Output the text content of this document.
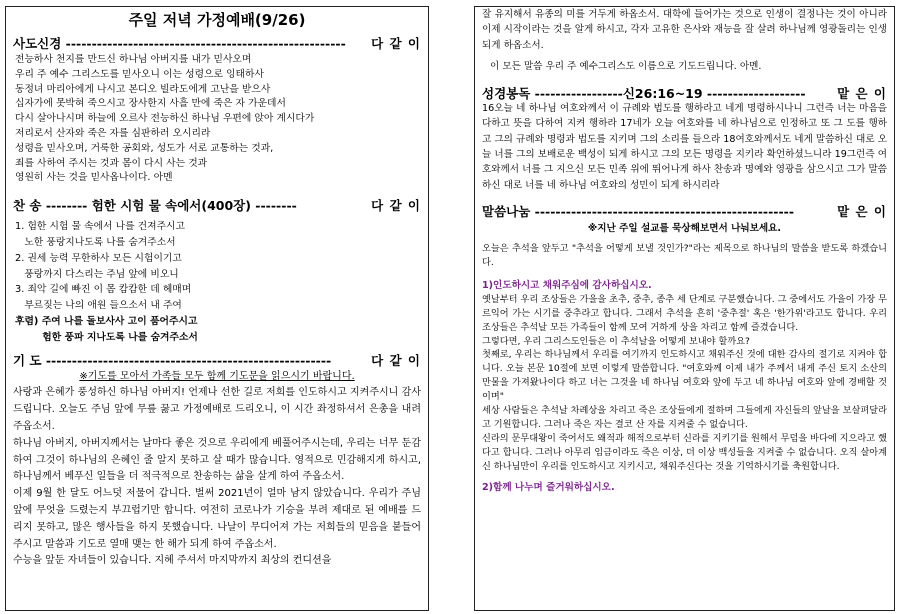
주일 저녁 가정예배(9/26)
사도신경 ------------------------------------------------------ 다 같 이
전능하사 천지를 만드신 하나님 아버지를 내가 믿사오며
우리 주 예수 그리스도를 믿사오니 이는 성령으로 잉태하사
동정녀 마리아에게 나시고 본디오 빌라도에게 고난을 받으사
십자가에 못박혀 죽으시고 장사한지 사흘 만에 죽은 자 가운데서
다시 살아나시며 하늘에 오르사 전능하신 하나님 우편에 앉아 계시다가
저리로서 산자와 죽은 자를 심판하러 오시리라
성령을 믿사오며, 거룩한 공회와, 성도가 서로 교통하는 것과,
죄를 사하여 주시는 것과 몸이 다시 사는 것과
영원히 사는 것을 믿사옵나이다. 아멘
찬 송 -------- 험한 시험 물 속에서(400장) --------	다 같 이
1. 험한 시험 물 속에서 나를 건져주시고
노한 풍랑지나도록 나를 숨겨주소서
2. 권세 능력 무한하사 모든 시험이기고
풍랑까지 다스리는 주님 앞에 비오니
3. 죄악 길에 빠진 이 몸 캄캄한 데 헤매며
부르짖는 나의 애원 들으소서 내 주여
후렴) 주여 나를 돌보사사 고이 품어주시고
험한 풍파 지나도록 나를 숨겨주소서
기 도 -------------------------------------------------------	다 같 이

※기도를 모아서 가족들 모두 함께 기도문을 읽으시기 바랍니다.

사랑과 은혜가 풍성하신 하나님 아버지! 언제나 선한 길로 저희를 인도하시고 지켜주시니 감사드립니다. 오늘도 주님 앞에 무릎 꿇고 가정예배로 드리오니, 이 시간 좌정하셔서 은총을 내려 주옵소서.

하나님 아버지, 아버지께서는 날마다 좋은 것으로 우리에게 베풀어주시는데, 우리는 너무 둔감하여 그것이 하나님의 은혜인 줄 알지 못하고 살 때가 많습니다. 영적으로 민감해지게 하시고, 하나님께서 베푸신 일들을 더 적극적으로 찬송하는 삶을 살게 하여 주옵소서.

이제 9월 한 달도 어느덧 저물어 갑니다. 벌써 2021년이 얼마 남지 않았습니다. 우리가 주님 앞에 무엇을 드렸는지 부끄럽기만 합니다. 여전히 코로나가 기승을 부려 제대로 된 예배를 드리지 못하고, 많은 행사들을 하지 못했습니다. 나날이 무디어져 가는 저희들의 믿음을 붙들어 주시고 말씀과 기도로 열매 맺는 한 해가 되게 하여 주옵소서.

수능을 앞둔 자녀들이 있습니다. 지혜 주셔서 마지막까지 최상의 컨디션을

잘 유지해서 유종의 미를 거두게 하옵소서. 대학에 들어가는 것으로 인생이 결정나는 것이 아니라 이제 시작이라는 것을 알게 하시고, 각자 고유한 은사와 재능을 잘 살려 하나님께 영광돌리는 인생 되게 하옵소서.

이 모든 말씀 우리 주 예수그리스도 이름으로 기도드립니다. 아멘.

성경봉독 -----------------신26:16~19 -------------------	맡 은 이

16오늘 네 하나님 여호와께서 이 규례와 법도를 행하라고 네게 명령하시나니 그런즉 너는 마음을 다하고 뜻을 다하여 지켜 행하라 17네가 오늘 여호와를 네 하나님으로 인정하고 또 그 도를 행하고 그의 규례와 명령과 법도를 지키며 그의 소리를 들으라 18여호와께서도 네게 말씀하신 대로 오늘 너를 그의 보배로운 백성이 되게 하시고 그의 모든 명령을 지키라 확언하셨느니라 19그런즉 여호와께서 너를 그 지으신 모든 민족 위에 뛰어나게 하사 찬송과 명예와 영광을 삼으시고 그가 말씀하신 대로 너를 네 하나님 여호와의 성민이 되게 하시리라

말씀나눔 --------------------------------------------------	맡 은 이
※지난 주일 설교를 묵상해보면서 나눠보세요.

오늘은 추석을 앞두고 "추석을 어떻게 보낼 것인가?"라는 제목으로 하나님의 말씀을 받도록 하겠습니다.

1)인도하시고 채워주심에 감사하십시오.

옛날부터 우리 조상들은 가을을 초추, 중추, 종추 세 단계로 구분했습니다. 그 중에서도 가을이 가장 무르익어 가는 시기를 중추라고 합니다. 그래서 추석을 흔히 '중추절' 혹은 '한가위'라고도 합니다. 우리 조상들은 추석날 모든 가족들이 함께 모여 거하게 상을 차리고 함께 즐겼습니다.

그렇다면, 우리 그리스도인들은 이 추석날을 어떻게 보내야 할까요?

첫째로, 우리는 하나님께서 우리를 여기까지 인도하시고 채워주신 것에 대한 감사의 절기로 지켜야 합니다. 오늘 본문 10절에 보면 이렇게 말씀합니다. "여호와께 이제 내가 주께서 내게 주신 토지 소산의 만물을 가져왔나이다 하고 너는 그것을 네 하나님 여호와 앞에 두고 네 하나님 여호와 앞에 경배할 것이며"

세상 사람들은 추석날 차례상을 차리고 죽은 조상들에게 절하며 그들에게 자신들의 앞날을 보살펴달라고 기원합니다. 그러나 죽은 자는 결코 산 자를 지켜줄 수 없습니다.

신라의 문무대왕이 죽어서도 왜적과 해적으로부터 신라를 지키기를 원해서 무덤을 바다에 지으라고 했다고 합니다. 그러나 아무리 임금이라도 죽은 이상, 더 이상 백성들을 지켜줄 수 없습니다. 오직 살아계신 하나님만이 우리를 인도하시고 지키시고, 채워주신다는 것을 기억하시기를 축원합니다.

2)함께 나누며 즐거워하십시오.
